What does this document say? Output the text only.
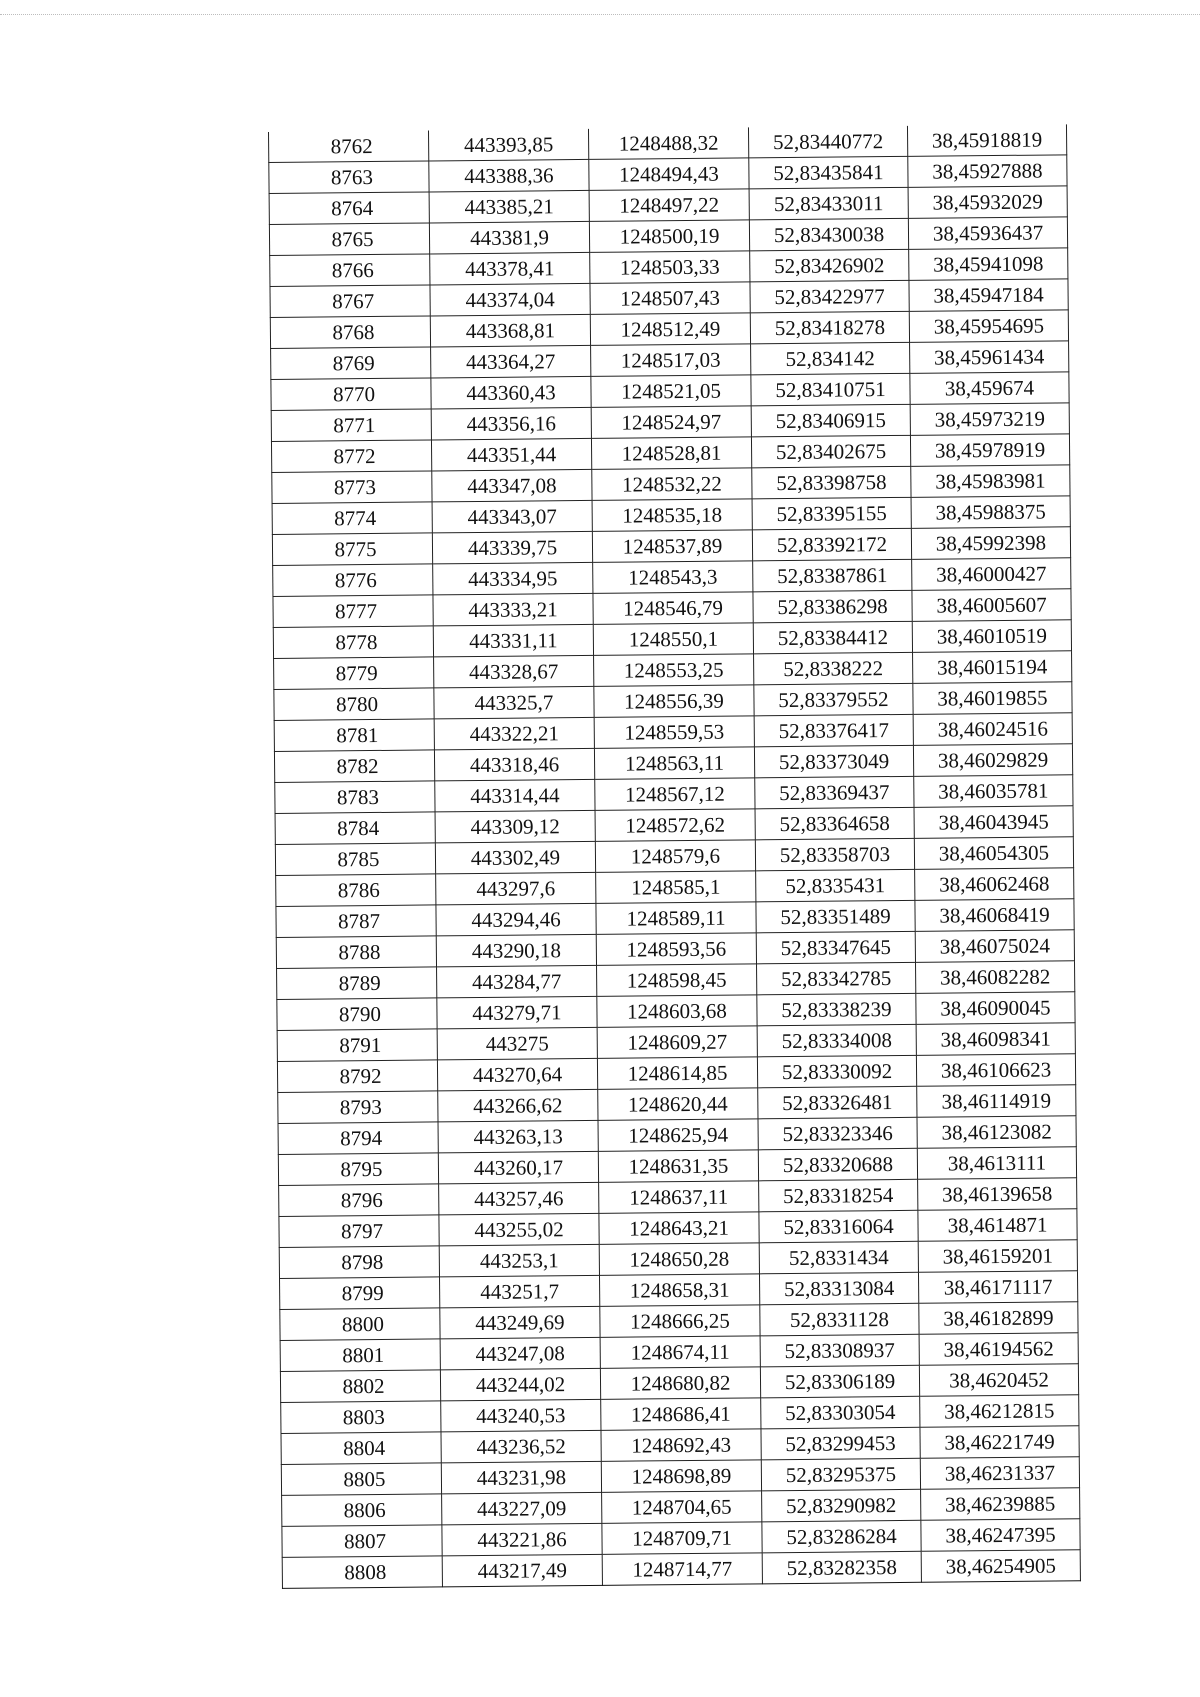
8762	443393,85	1248488,32	52,83440772	38,45918819
8763	443388,36	1248494,43	52,83435841	38,45927888
8764	443385,21	1248497,22	52,83433011	38,45932029
8765	443381,9	1248500,19	52,83430038	38,45936437
8766	443378,41	1248503,33	52,83426902	38,45941098
8767	443374,04	1248507,43	52,83422977	38,45947184
8768	443368,81	1248512,49	52,83418278	38,45954695
8769	443364,27	1248517,03	52,834142	38,45961434
8770	443360,43	1248521,05	52,83410751	38,459674
8771	443356,16	1248524,97	52,83406915	38,45973219
8772	443351,44	1248528,81	52,83402675	38,45978919
8773	443347,08	1248532,22	52,83398758	38,45983981
8774	443343,07	1248535,18	52,83395155	38,45988375
8775	443339,75	1248537,89	52,83392172	38,45992398
8776	443334,95	1248543,3	52,83387861	38,46000427
8777	443333,21	1248546,79	52,83386298	38,46005607
8778	443331,11	1248550,1	52,83384412	38,46010519
8779	443328,67	1248553,25	52,8338222	38,46015194
8780	443325,7	1248556,39	52,83379552	38,46019855
8781	443322,21	1248559,53	52,83376417	38,46024516
8782	443318,46	1248563,11	52,83373049	38,46029829
8783	443314,44	1248567,12	52,83369437	38,46035781
8784	443309,12	1248572,62	52,83364658	38,46043945
8785	443302,49	1248579,6	52,83358703	38,46054305
8786	443297,6	1248585,1	52,8335431	38,46062468
8787	443294,46	1248589,11	52,83351489	38,46068419
8788	443290,18	1248593,56	52,83347645	38,46075024
8789	443284,77	1248598,45	52,83342785	38,46082282
8790	443279,71	1248603,68	52,83338239	38,46090045
8791	443275	1248609,27	52,83334008	38,46098341
8792	443270,64	1248614,85	52,83330092	38,46106623
8793	443266,62	1248620,44	52,83326481	38,46114919
8794	443263,13	1248625,94	52,83323346	38,46123082
8795	443260,17	1248631,35	52,83320688	38,4613111
8796	443257,46	1248637,11	52,83318254	38,46139658
8797	443255,02	1248643,21	52,83316064	38,4614871
8798	443253,1	1248650,28	52,8331434	38,46159201
8799	443251,7	1248658,31	52,83313084	38,46171117
8800	443249,69	1248666,25	52,8331128	38,46182899
8801	443247,08	1248674,11	52,83308937	38,46194562
8802	443244,02	1248680,82	52,83306189	38,4620452
8803	443240,53	1248686,41	52,83303054	38,46212815
8804	443236,52	1248692,43	52,83299453	38,46221749
8805	443231,98	1248698,89	52,83295375	38,46231337
8806	443227,09	1248704,65	52,83290982	38,46239885
8807	443221,86	1248709,71	52,83286284	38,46247395
8808	443217,49	1248714,77	52,83282358	38,46254905
